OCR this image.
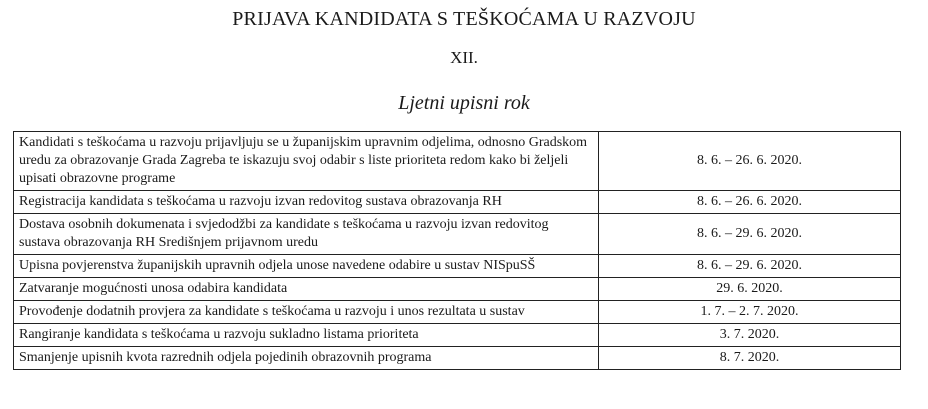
PRIJAVA KANDIDATA S TEŠKOĆAMA U RAZVOJU
XII.
Ljetni upisni rok
Kandidati s teškoćama u razvoju prijavljuju se u županijskim upravnim odjelima, odnosno Gradskom uredu za obrazovanje Grada Zagreba te iskazuju svoj odabir s liste prioriteta redom kako bi željeli upisati obrazovne programe	8. 6. – 26. 6. 2020.
Registracija kandidata s teškoćama u razvoju izvan redovitog sustava obrazovanja RH	8. 6. – 26. 6. 2020.
Dostava osobnih dokumenata i svjedodžbi za kandidate s teškoćama u razvoju izvan redovitog sustava obrazovanja RH Središnjem prijavnom uredu	8. 6. – 29. 6. 2020.
Upisna povjerenstva županijskih upravnih odjela unose navedene odabire u sustav NISpuSŠ	8. 6. – 29. 6. 2020.
Zatvaranje mogućnosti unosa odabira kandidata	29. 6. 2020.
Provođenje dodatnih provjera za kandidate s teškoćama u razvoju i unos rezultata u sustav	1. 7. – 2. 7. 2020.
Rangiranje kandidata s teškoćama u razvoju sukladno listama prioriteta	3. 7. 2020.
Smanjenje upisnih kvota razrednih odjela pojedinih obrazovnih programa	8. 7. 2020.
